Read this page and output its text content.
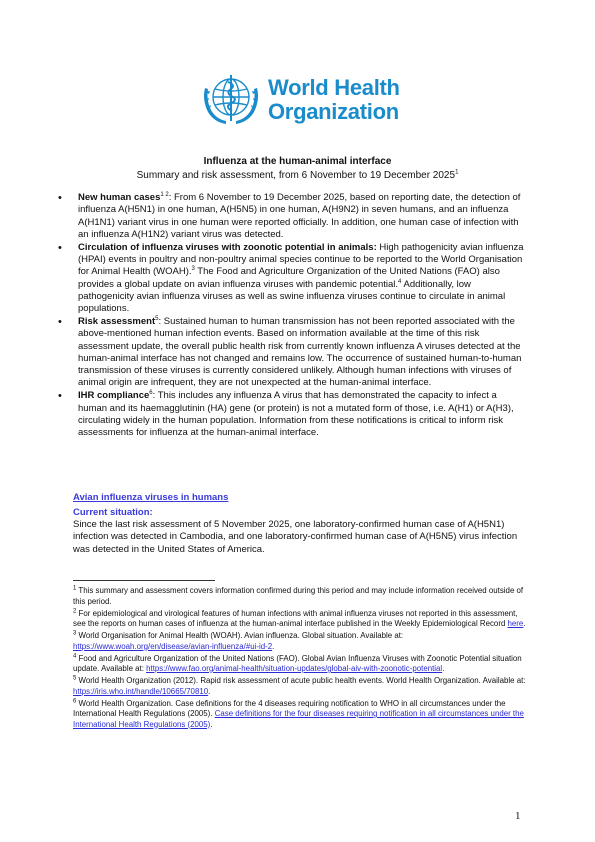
World Health
Organization
Influenza at the human-animal interface
Summary and risk assessment, from 6 November to 19 December 2025$^1$
• New human cases$^{1 2}$: From 6 November to 19 December 2025, based on reporting date, the detection of influenza A(H5N1) in one human, A(H5N5) in one human, A(H9N2) in seven humans, and an influenza A(H1N1) variant virus in one human were reported officially. In addition, one human case of infection with an influenza A(H1N2) variant virus was detected.
• Circulation of influenza viruses with zoonotic potential in animals: High pathogenicity avian influenza (HPAI) events in poultry and non-poultry animal species continue to be reported to the World Organisation for Animal Health (WOAH).$^3$ The Food and Agriculture Organization of the United Nations (FAO) also provides a global update on avian influenza viruses with pandemic potential.$^4$ Additionally, low pathogenicity avian influenza viruses as well as swine influenza viruses continue to circulate in animal populations.
• Risk assessment$^5$: Sustained human to human transmission has not been reported associated with the above-mentioned human infection events. Based on information available at the time of this risk assessment update, the overall public health risk from currently known influenza A viruses detected at the human-animal interface has not changed and remains low. The occurrence of sustained human-to-human transmission of these viruses is currently considered unlikely. Although human infections with viruses of animal origin are infrequent, they are not unexpected at the human-animal interface.
• IHR compliance$^6$: This includes any influenza A virus that has demonstrated the capacity to infect a human and its haemagglutinin (HA) gene (or protein) is not a mutated form of those, i.e. A(H1) or A(H3), circulating widely in the human population. Information from these notifications is critical to inform risk assessments for influenza at the human-animal interface.
Avian influenza viruses in humans
Current situation:
Since the last risk assessment of 5 November 2025, one laboratory-confirmed human case of A(H5N1) infection was detected in Cambodia, and one laboratory-confirmed human case of A(H5N5) virus infection was detected in the United States of America.
$^1$ This summary and assessment covers information confirmed during this period and may include information received outside of this period.
$^2$ For epidemiological and virological features of human infections with animal influenza viruses not reported in this assessment, see the reports on human cases of influenza at the human-animal interface published in the Weekly Epidemiological Record here.
$^3$ World Organisation for Animal Health (WOAH). Avian influenza. Global situation. Available at: https://www.woah.org/en/disease/avian-influenza/#ui-id-2.
$^4$ Food and Agriculture Organization of the United Nations (FAO). Global Avian Influenza Viruses with Zoonotic Potential situation update. Available at: https://www.fao.org/animal-health/situation-updates/global-aiv-with-zoonotic-potential.
$^5$ World Health Organization (2012). Rapid risk assessment of acute public health events. World Health Organization. Available at: https://iris.who.int/handle/10665/70810.
$^6$ World Health Organization. Case definitions for the 4 diseases requiring notification to WHO in all circumstances under the International Health Regulations (2005). Case definitions for the four diseases requiring notification in all circumstances under the International Health Regulations (2005).
1
